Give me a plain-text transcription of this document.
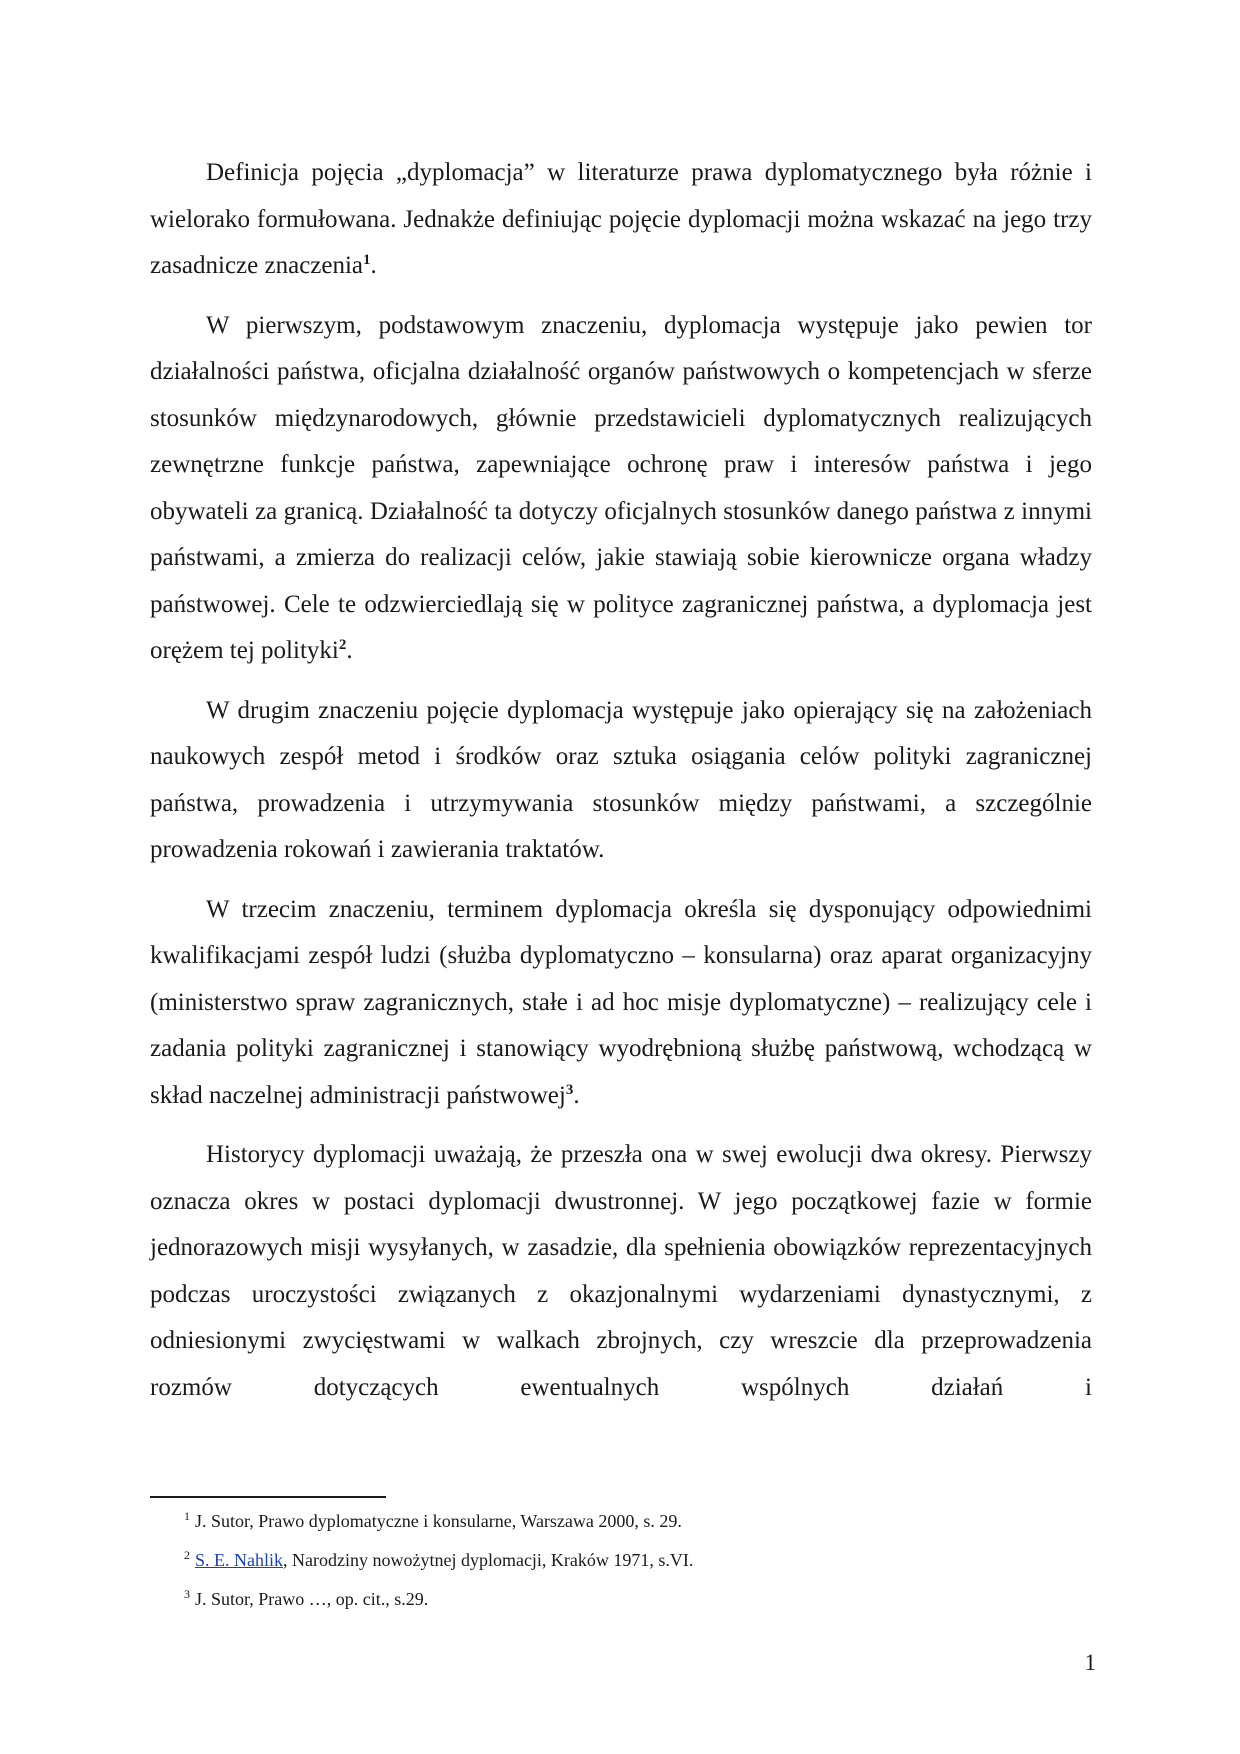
Definicja pojęcia „dyplomacja” w literaturze prawa dyplomatycznego była różnie i wielorako formułowana. Jednakże definiując pojęcie dyplomacji można wskazać na jego trzy zasadnicze znaczenia$^1$.

W pierwszym, podstawowym znaczeniu, dyplomacja występuje jako pewien tor działalności państwa, oficjalna działalność organów państwowych o kompetencjach w sferze stosunków międzynarodowych, głównie przedstawicieli dyplomatycznych realizujących zewnętrzne funkcje państwa, zapewniające ochronę praw i interesów państwa i jego obywateli za granicą. Działalność ta dotyczy oficjalnych stosunków danego państwa z innymi państwami, a zmierza do realizacji celów, jakie stawiają sobie kierownicze organa władzy państwowej. Cele te odzwierciedlają się w polityce zagranicznej państwa, a dyplomacja jest orężem tej polityki$^2$.

W drugim znaczeniu pojęcie dyplomacja występuje jako opierający się na założeniach naukowych zespół metod i środków oraz sztuka osiągania celów polityki zagranicznej państwa, prowadzenia i utrzymywania stosunków między państwami, a szczególnie prowadzenia rokowań i zawierania traktatów.

W trzecim znaczeniu, terminem dyplomacja określa się dysponujący odpowiednimi kwalifikacjami zespół ludzi (służba dyplomatyczno – konsularna) oraz aparat organizacyjny (ministerstwo spraw zagranicznych, stałe i ad hoc misje dyplomatyczne) – realizujący cele i zadania polityki zagranicznej i stanowiący wyodrębnioną służbę państwową, wchodzącą w skład naczelnej administracji państwowej$^3$.

Historycy dyplomacji uważają, że przeszła ona w swej ewolucji dwa okresy. Pierwszy oznacza okres w postaci dyplomacji dwustronnej. W jego początkowej fazie w formie jednorazowych misji wysyłanych, w zasadzie, dla spełnienia obowiązków reprezentacyjnych podczas uroczystości związanych z okazjonalnymi wydarzeniami dynastycznymi, z odniesionymi zwycięstwami w walkach zbrojnych, czy wreszcie dla przeprowadzenia rozmów dotyczących ewentualnych wspólnych działań i

$^1$ J. Sutor, Prawo dyplomatyczne i konsularne, Warszawa 2000, s. 29.

$^2$ S. E. Nahlik, Narodziny nowożytnej dyplomacji, Kraków 1971, s.VI.

$^3$ J. Sutor, Prawo …, op. cit., s.29.

1
